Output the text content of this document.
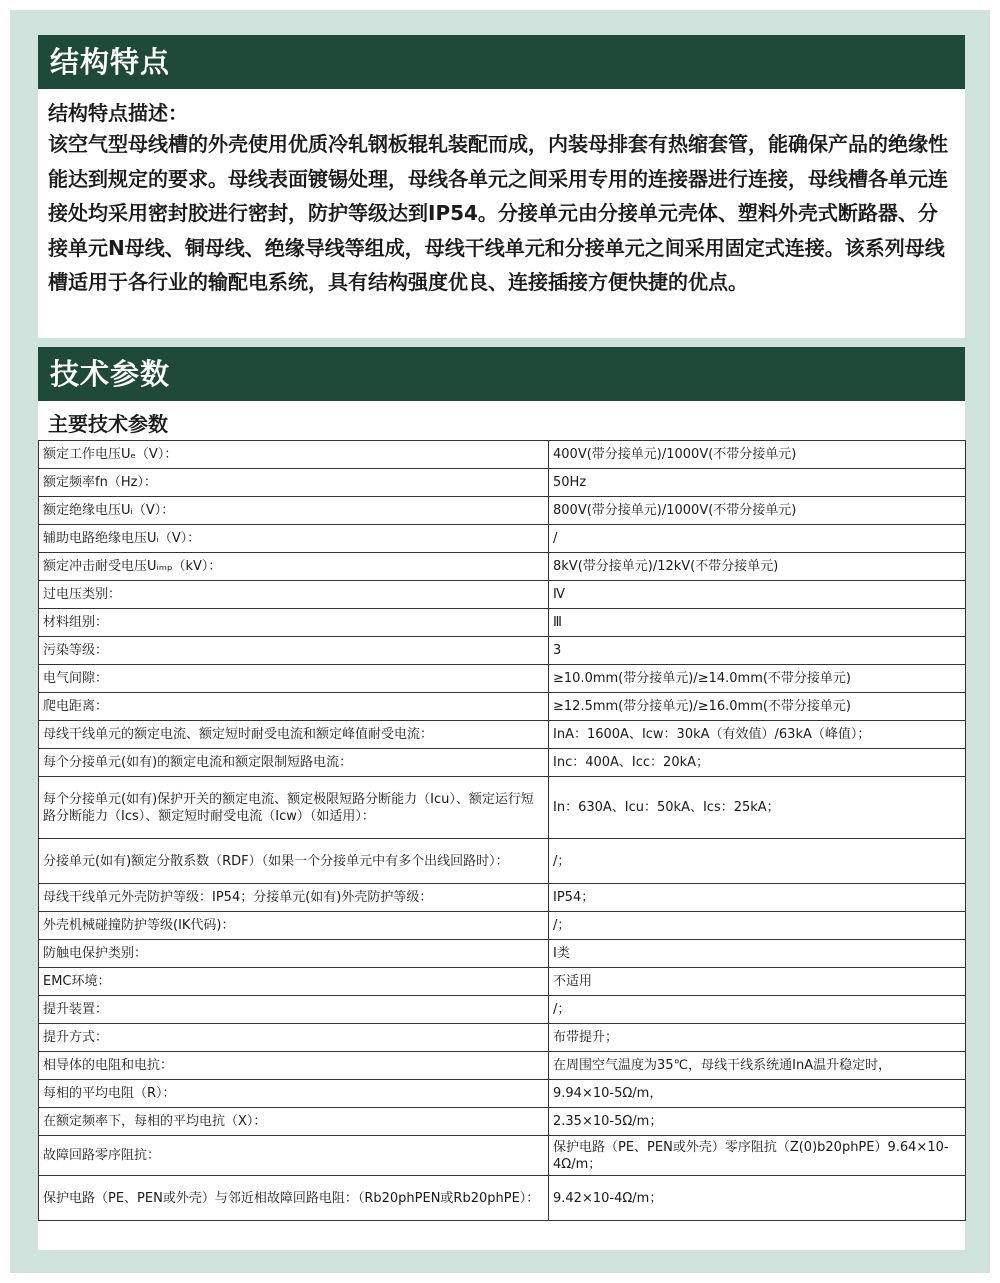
结构特点
结构特点描述：
该空气型母线槽的外壳使用优质冷轧钢板辊轧装配而成，内装母排套有热缩套管，能确保产品的绝缘性能达到规定的要求。母线表面镀锡处理，母线各单元之间采用专用的连接器进行连接，母线槽各单元连接处均采用密封胶进行密封，防护等级达到IP54。分接单元由分接单元壳体、塑料外壳式断路器、分接单元N母线、铜母线、绝缘导线等组成，母线干线单元和分接单元之间采用固定式连接。该系列母线槽适用于各行业的输配电系统，具有结构强度优良、连接插接方便快捷的优点。
技术参数
主要技术参数
额定工作电压Uₑ（V）：	400V(带分接单元)/1000V(不带分接单元)
额定频率fn（Hz）：	50Hz
额定绝缘电压Uᵢ（V）：	800V(带分接单元)/1000V(不带分接单元)
辅助电路绝缘电压Uᵢ（V）：	/
额定冲击耐受电压Uᵢₘₚ（kV）：	8kV(带分接单元)/12kV(不带分接单元)
过电压类别：	Ⅳ
材料组别：	Ⅲ
污染等级：	3
电气间隙：	≥10.0mm(带分接单元)/≥14.0mm(不带分接单元)
爬电距离：	≥12.5mm(带分接单元)/≥16.0mm(不带分接单元)
母线干线单元的额定电流、额定短时耐受电流和额定峰值耐受电流：	InA：1600A、Icw：30kA（有效值）/63kA（峰值）；
每个分接单元(如有)的额定电流和额定限制短路电流：	Inc：400A、Icc：20kA；
每个分接单元(如有)保护开关的额定电流、额定极限短路分断能力（Icu）、额定运行短路分断能力（Ics）、额定短时耐受电流（Icw）（如适用）：	In：630A、Icu：50kA、Ics：25kA；
分接单元(如有)额定分散系数（RDF）（如果一个分接单元中有多个出线回路时）：	/；
母线干线单元外壳防护等级：IP54；分接单元(如有)外壳防护等级：	IP54；
外壳机械碰撞防护等级(IK代码)：	/；
防触电保护类别：	Ⅰ类
EMC环境：	不适用
提升装置：	/；
提升方式：	布带提升；
相导体的电阻和电抗：	在周围空气温度为35℃，母线干线系统通InA温升稳定时，
每相的平均电阻（R）：	9.94×10-5Ω/m，
在额定频率下，每相的平均电抗（X）：	2.35×10-5Ω/m；
故障回路零序阻抗：	保护电路（PE、PEN或外壳）零序阻抗（Z(0)b20phPE）9.64×10-4Ω/m；
保护电路（PE、PEN或外壳）与邻近相故障回路电阻：（Rb20phPEN或Rb20phPE）：	9.42×10-4Ω/m；
